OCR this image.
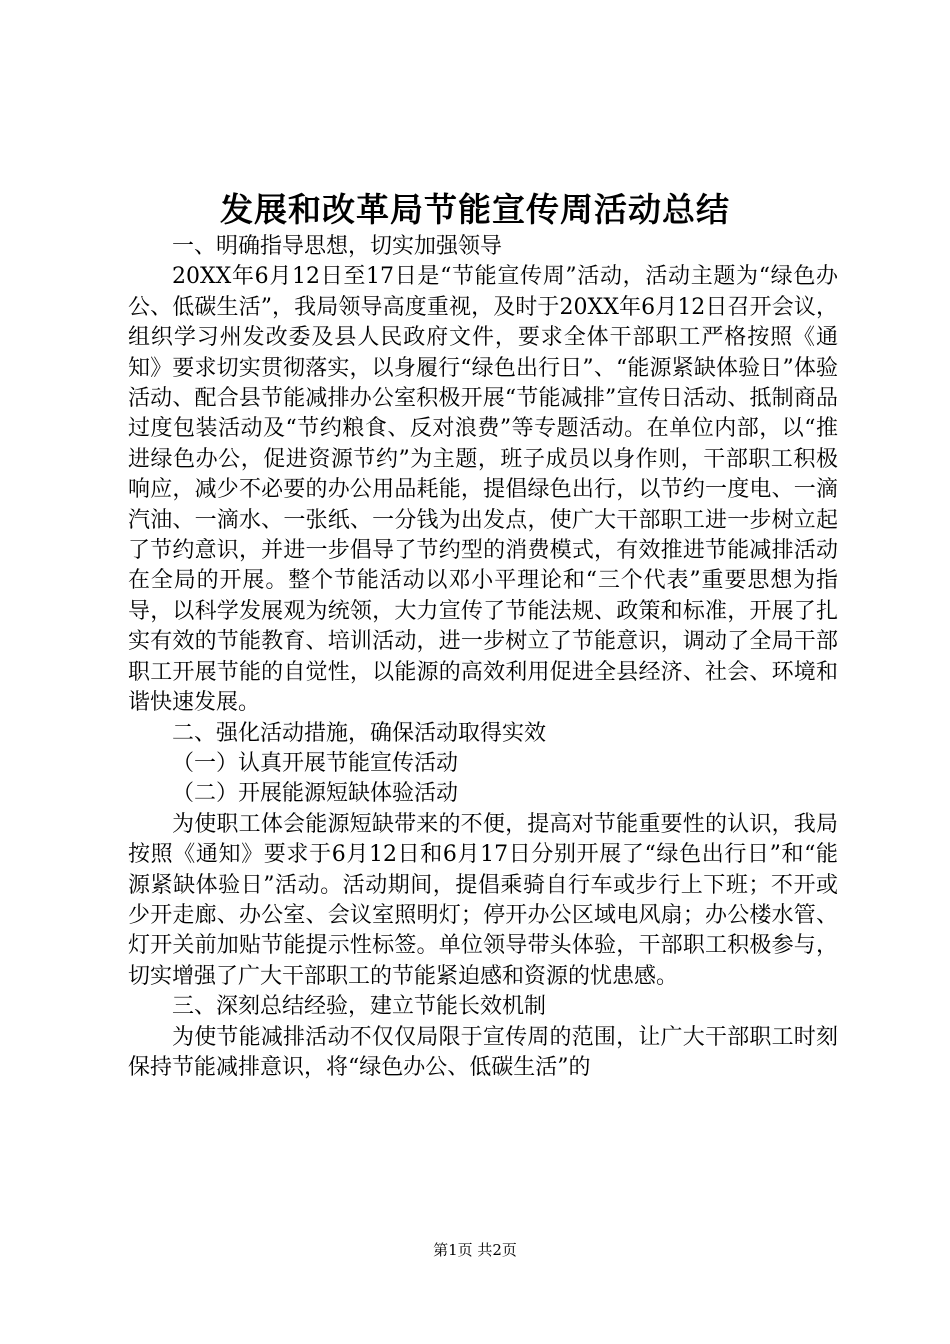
发展和改革局节能宣传周活动总结

一、明确指导思想，切实加强领导

20XX年6月12日至17日是“节能宣传周”活动，活动主题为“绿色办公、低碳生活”，我局领导高度重视，及时于20XX年6月12日召开会议，组织学习州发改委及县人民政府文件，要求全体干部职工严格按照《通知》要求切实贯彻落实，以身履行“绿色出行日”、“能源紧缺体验日”体验活动、配合县节能减排办公室积极开展“节能减排”宣传日活动、抵制商品过度包装活动及“节约粮食、反对浪费”等专题活动。在单位内部，以“推进绿色办公，促进资源节约”为主题，班子成员以身作则，干部职工积极响应，减少不必要的办公用品耗能，提倡绿色出行，以节约一度电、一滴汽油、一滴水、一张纸、一分钱为出发点，使广大干部职工进一步树立起了节约意识，并进一步倡导了节约型的消费模式，有效推进节能减排活动在全局的开展。整个节能活动以邓小平理论和“三个代表”重要思想为指导，以科学发展观为统领，大力宣传了节能法规、政策和标准，开展了扎实有效的节能教育、培训活动，进一步树立了节能意识，调动了全局干部职工开展节能的自觉性，以能源的高效利用促进全县经济、社会、环境和谐快速发展。

二、强化活动措施，确保活动取得实效

（一）认真开展节能宣传活动

（二）开展能源短缺体验活动

为使职工体会能源短缺带来的不便，提高对节能重要性的认识，我局按照《通知》要求于6月12日和6月17日分别开展了“绿色出行日”和“能源紧缺体验日”活动。活动期间，提倡乘骑自行车或步行上下班；不开或少开走廊、办公室、会议室照明灯；停开办公区域电风扇；办公楼水管、灯开关前加贴节能提示性标签。单位领导带头体验，干部职工积极参与，切实增强了广大干部职工的节能紧迫感和资源的忧患感。

三、深刻总结经验，建立节能长效机制

为使节能减排活动不仅仅局限于宣传周的范围，让广大干部职工时刻保持节能减排意识，将“绿色办公、低碳生活”的

第1页 共2页
